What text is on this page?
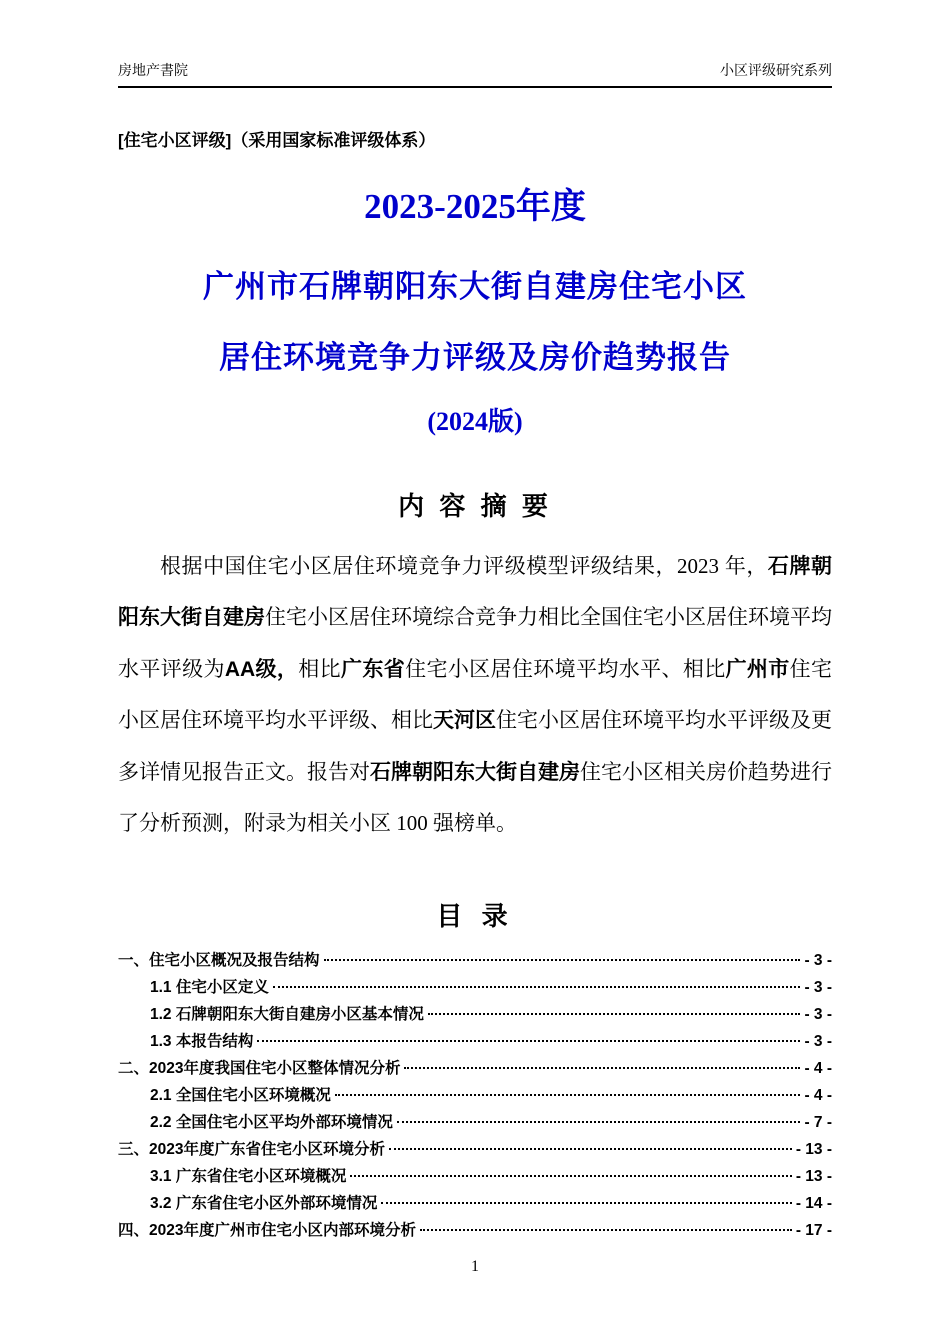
房地产書院	小区评级研究系列
[住宅小区评级]（采用国家标准评级体系）
2023-2025年度
广州市石牌朝阳东大街自建房住宅小区
居住环境竞争力评级及房价趋势报告
(2024版)
内 容 摘 要
根据中国住宅小区居住环境竞争力评级模型评级结果，2023 年，石牌朝阳东大街自建房住宅小区居住环境综合竞争力相比全国住宅小区居住环境平均水平评级为AA级，相比广东省住宅小区居住环境平均水平、相比广州市住宅小区居住环境平均水平评级、相比天河区住宅小区居住环境平均水平评级及更多详情见报告正文。报告对石牌朝阳东大街自建房住宅小区相关房价趋势进行了分析预测，附录为相关小区 100 强榜单。
目 录
一、住宅小区概况及报告结构	- 3 -
1.1 住宅小区定义	- 3 -
1.2 石牌朝阳东大街自建房小区基本情况	- 3 -
1.3 本报告结构	- 3 -
二、2023年度我国住宅小区整体情况分析	- 4 -
2.1 全国住宅小区环境概况	- 4 -
2.2 全国住宅小区平均外部环境情况	- 7 -
三、2023年度广东省住宅小区环境分析	- 13 -
3.1 广东省住宅小区环境概况	- 13 -
3.2 广东省住宅小区外部环境情况	- 14 -
四、2023年度广州市住宅小区内部环境分析	- 17 -
1
